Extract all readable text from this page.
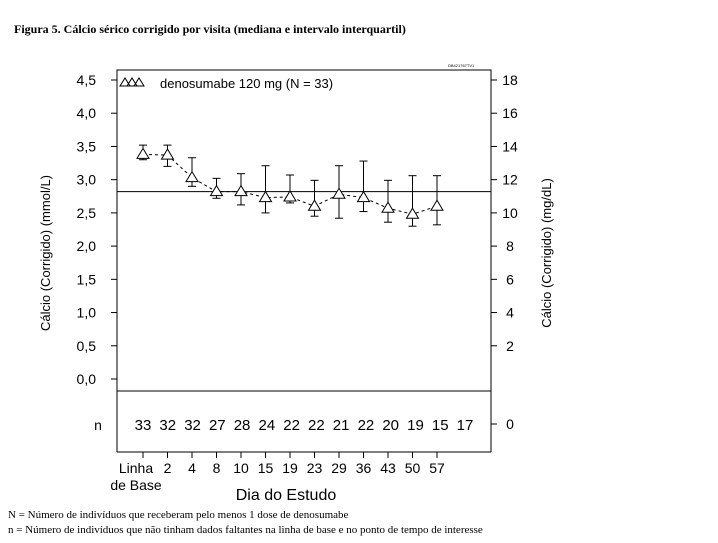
Figura 5. Cálcio sérico corrigido por visita (mediana e intervalo interquartil)
DB421767TV1
4,5
4,0
3,5
3,0
2,5
2,0
1,5
1,0
0,5
0,0
18
16
14
12
10
8
6
4
2
0
Linha
de Base
2 4 8 10 15 19 23 29 36 43 50 57
n 33 32 32 27 28 24 22 22 21 22 20 19 15 17
denosumabe 120 mg (N = 33)
Cálcio (Corrigido) (mmol/L)	Cálcio (Corrigido) (mg/dL)
Dia do Estudo
N = Número de indivíduos que receberam pelo menos 1 dose de denosumabe
n = Número de indivíduos que não tinham dados faltantes na linha de base e no ponto de tempo de interesse
